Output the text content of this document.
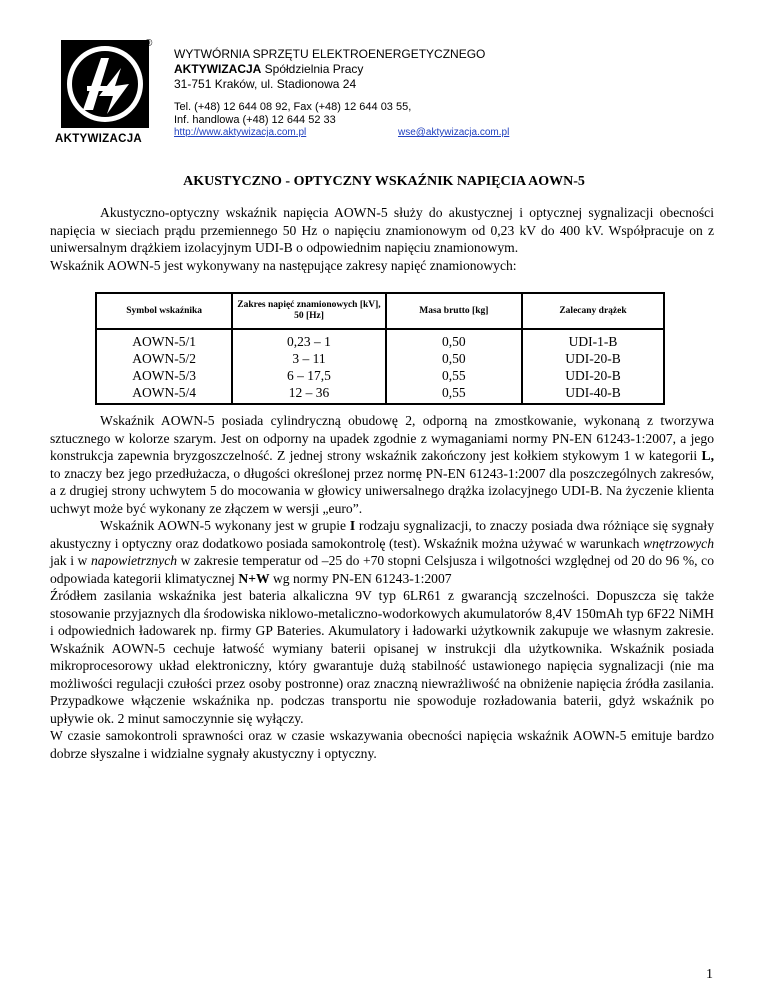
®
AKTYWIZACJA
WYTWÓRNIA SPRZĘTU ELEKTROENERGETYCZNEGO
AKTYWIZACJA Spółdzielnia Pracy
31-751 Kraków, ul. Stadionowa 24
Tel. (+48) 12 644 08 92, Fax (+48) 12 644 03 55,
Inf. handlowa (+48) 12 644 52 33
http://www.aktywizacja.com.pl	wse@aktywizacja.com.pl
AKUSTYCZNO - OPTYCZNY WSKAŹNIK NAPIĘCIA AOWN-5

Akustyczno-optyczny wskaźnik napięcia AOWN-5 służy do akustycznej i optycznej sygnalizacji obecności napięcia w sieciach prądu przemiennego 50 Hz o napięciu znamionowym od 0,23 kV do 400 kV. Współpracuje on z uniwersalnym drążkiem izolacyjnym UDI-B o odpowiednim napięciu znamionowym.

Wskaźnik AOWN-5 jest wykonywany na następujące zakresy napięć znamionowych:

Symbol wskaźnika	Zakres napięć znamionowych [kV], 50 [Hz]	Masa brutto [kg]	Zalecany drążek
AOWN-5/1	0,23 – 1	0,50	UDI-1-B
AOWN-5/2	3 – 11	0,50	UDI-20-B
AOWN-5/3	6 – 17,5	0,55	UDI-20-B
AOWN-5/4	12 – 36	0,55	UDI-40-B

Wskaźnik AOWN-5 posiada cylindryczną obudowę 2, odporną na zmostkowanie, wykonaną z tworzywa sztucznego w kolorze szarym. Jest on odporny na upadek zgodnie z wymaganiami normy PN-EN 61243-1:2007, a jego konstrukcja zapewnia bryzgoszczelność. Z jednej strony wskaźnik zakończony jest kołkiem stykowym 1 w kategorii L, to znaczy bez jego przedłużacza, o długości określonej przez normę PN-EN 61243-1:2007 dla poszczególnych zakresów, a z drugiej strony uchwytem 5 do mocowania w głowicy uniwersalnego drążka izolacyjnego UDI-B. Na życzenie klienta uchwyt może być wykonany ze złączem w wersji „euro”.

Wskaźnik AOWN-5 wykonany jest w grupie I rodzaju sygnalizacji, to znaczy posiada dwa różniące się sygnały akustyczny i optyczny oraz dodatkowo posiada samokontrolę (test). Wskaźnik można używać w warunkach wnętrzowych jak i w napowietrznych w zakresie temperatur od –25 do +70 stopni Celsjusza i wilgotności względnej od 20 do 96 %, co odpowiada kategorii klimatycznej N+W wg normy PN-EN 61243-1:2007

Źródłem zasilania wskaźnika jest bateria alkaliczna 9V typ 6LR61 z gwarancją szczelności. Dopuszcza się także stosowanie przyjaznych dla środowiska niklowo-metaliczno-wodorkowych akumulatorów 8,4V 150mAh typ 6F22 NiMH i odpowiednich ładowarek np. firmy GP Bateries. Akumulatory i ładowarki użytkownik zakupuje we własnym zakresie. Wskaźnik AOWN-5 cechuje łatwość wymiany baterii opisanej w instrukcji dla użytkownika. Wskaźnik posiada mikroprocesorowy układ elektroniczny, który gwarantuje dużą stabilność ustawionego napięcia sygnalizacji (nie ma możliwości regulacji czułości przez osoby postronne) oraz znaczną niewrażliwość na obniżenie napięcia źródła zasilania. Przypadkowe włączenie wskaźnika np. podczas transportu nie spowoduje rozładowania baterii, gdyż wskaźnik po upływie ok. 2 minut samoczynnie się wyłączy.

W czasie samokontroli sprawności oraz w czasie wskazywania obecności napięcia wskaźnik AOWN-5 emituje bardzo dobrze słyszalne i widzialne sygnały akustyczny i optyczny.

1
